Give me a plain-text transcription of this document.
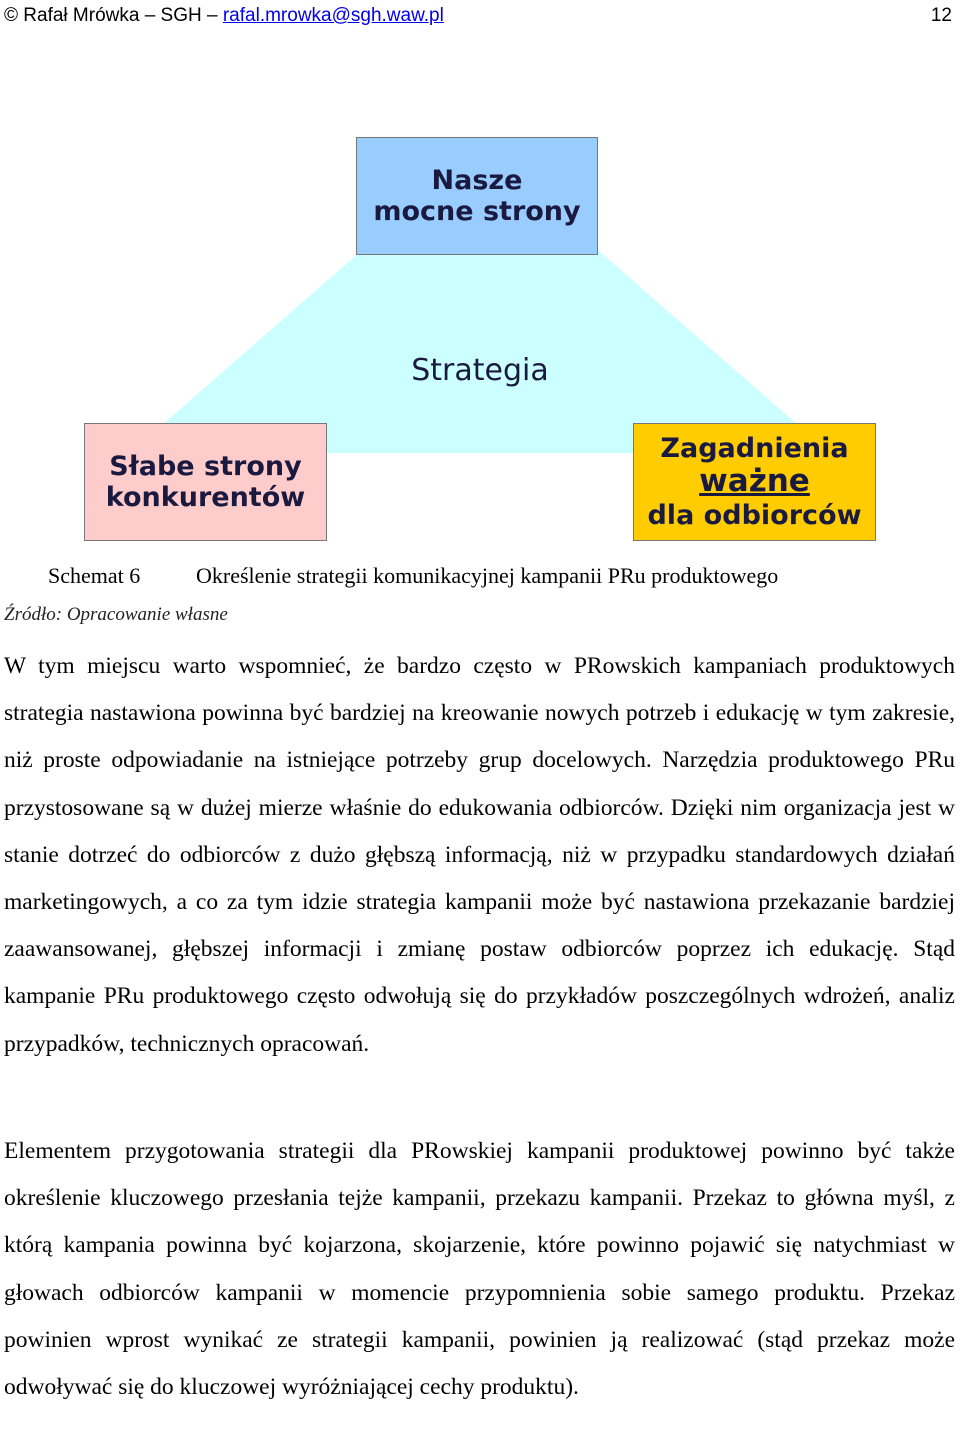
© Rafał Mrówka – SGH – rafal.mrowka@sgh.waw.pl	12
Nasze
mocne strony
Strategia
Słabe strony
konkurentów
Zagadnienia
ważne
dla odbiorców
Schemat 6	Określenie strategii komunikacyjnej kampanii PRu produktowego
Źródło: Opracowanie własne

W tym miejscu warto wspomnieć, że bardzo często w PRowskich kampaniach produktowych strategia nastawiona powinna być bardziej na kreowanie nowych potrzeb i edukację w tym zakresie, niż proste odpowiadanie na istniejące potrzeby grup docelowych. Narzędzia produktowego PRu przystosowane są w dużej mierze właśnie do edukowania odbiorców. Dzięki nim organizacja jest w stanie dotrzeć do odbiorców z dużo głębszą informacją, niż w przypadku standardowych działań marketingowych, a co za tym idzie strategia kampanii może być nastawiona przekazanie bardziej zaawansowanej, głębszej informacji i zmianę postaw odbiorców poprzez ich edukację. Stąd kampanie PRu produktowego często odwołują się do przykładów poszczególnych wdrożeń, analiz przypadków, technicznych opracowań.

Elementem przygotowania strategii dla PRowskiej kampanii produktowej powinno być także określenie kluczowego przesłania tejże kampanii, przekazu kampanii. Przekaz to główna myśl, z którą kampania powinna być kojarzona, skojarzenie, które powinno pojawić się natychmiast w głowach odbiorców kampanii w momencie przypomnienia sobie samego produktu. Przekaz powinien wprost wynikać ze strategii kampanii, powinien ją realizować (stąd przekaz może odwoływać się do kluczowej wyróżniającej cechy produktu).
